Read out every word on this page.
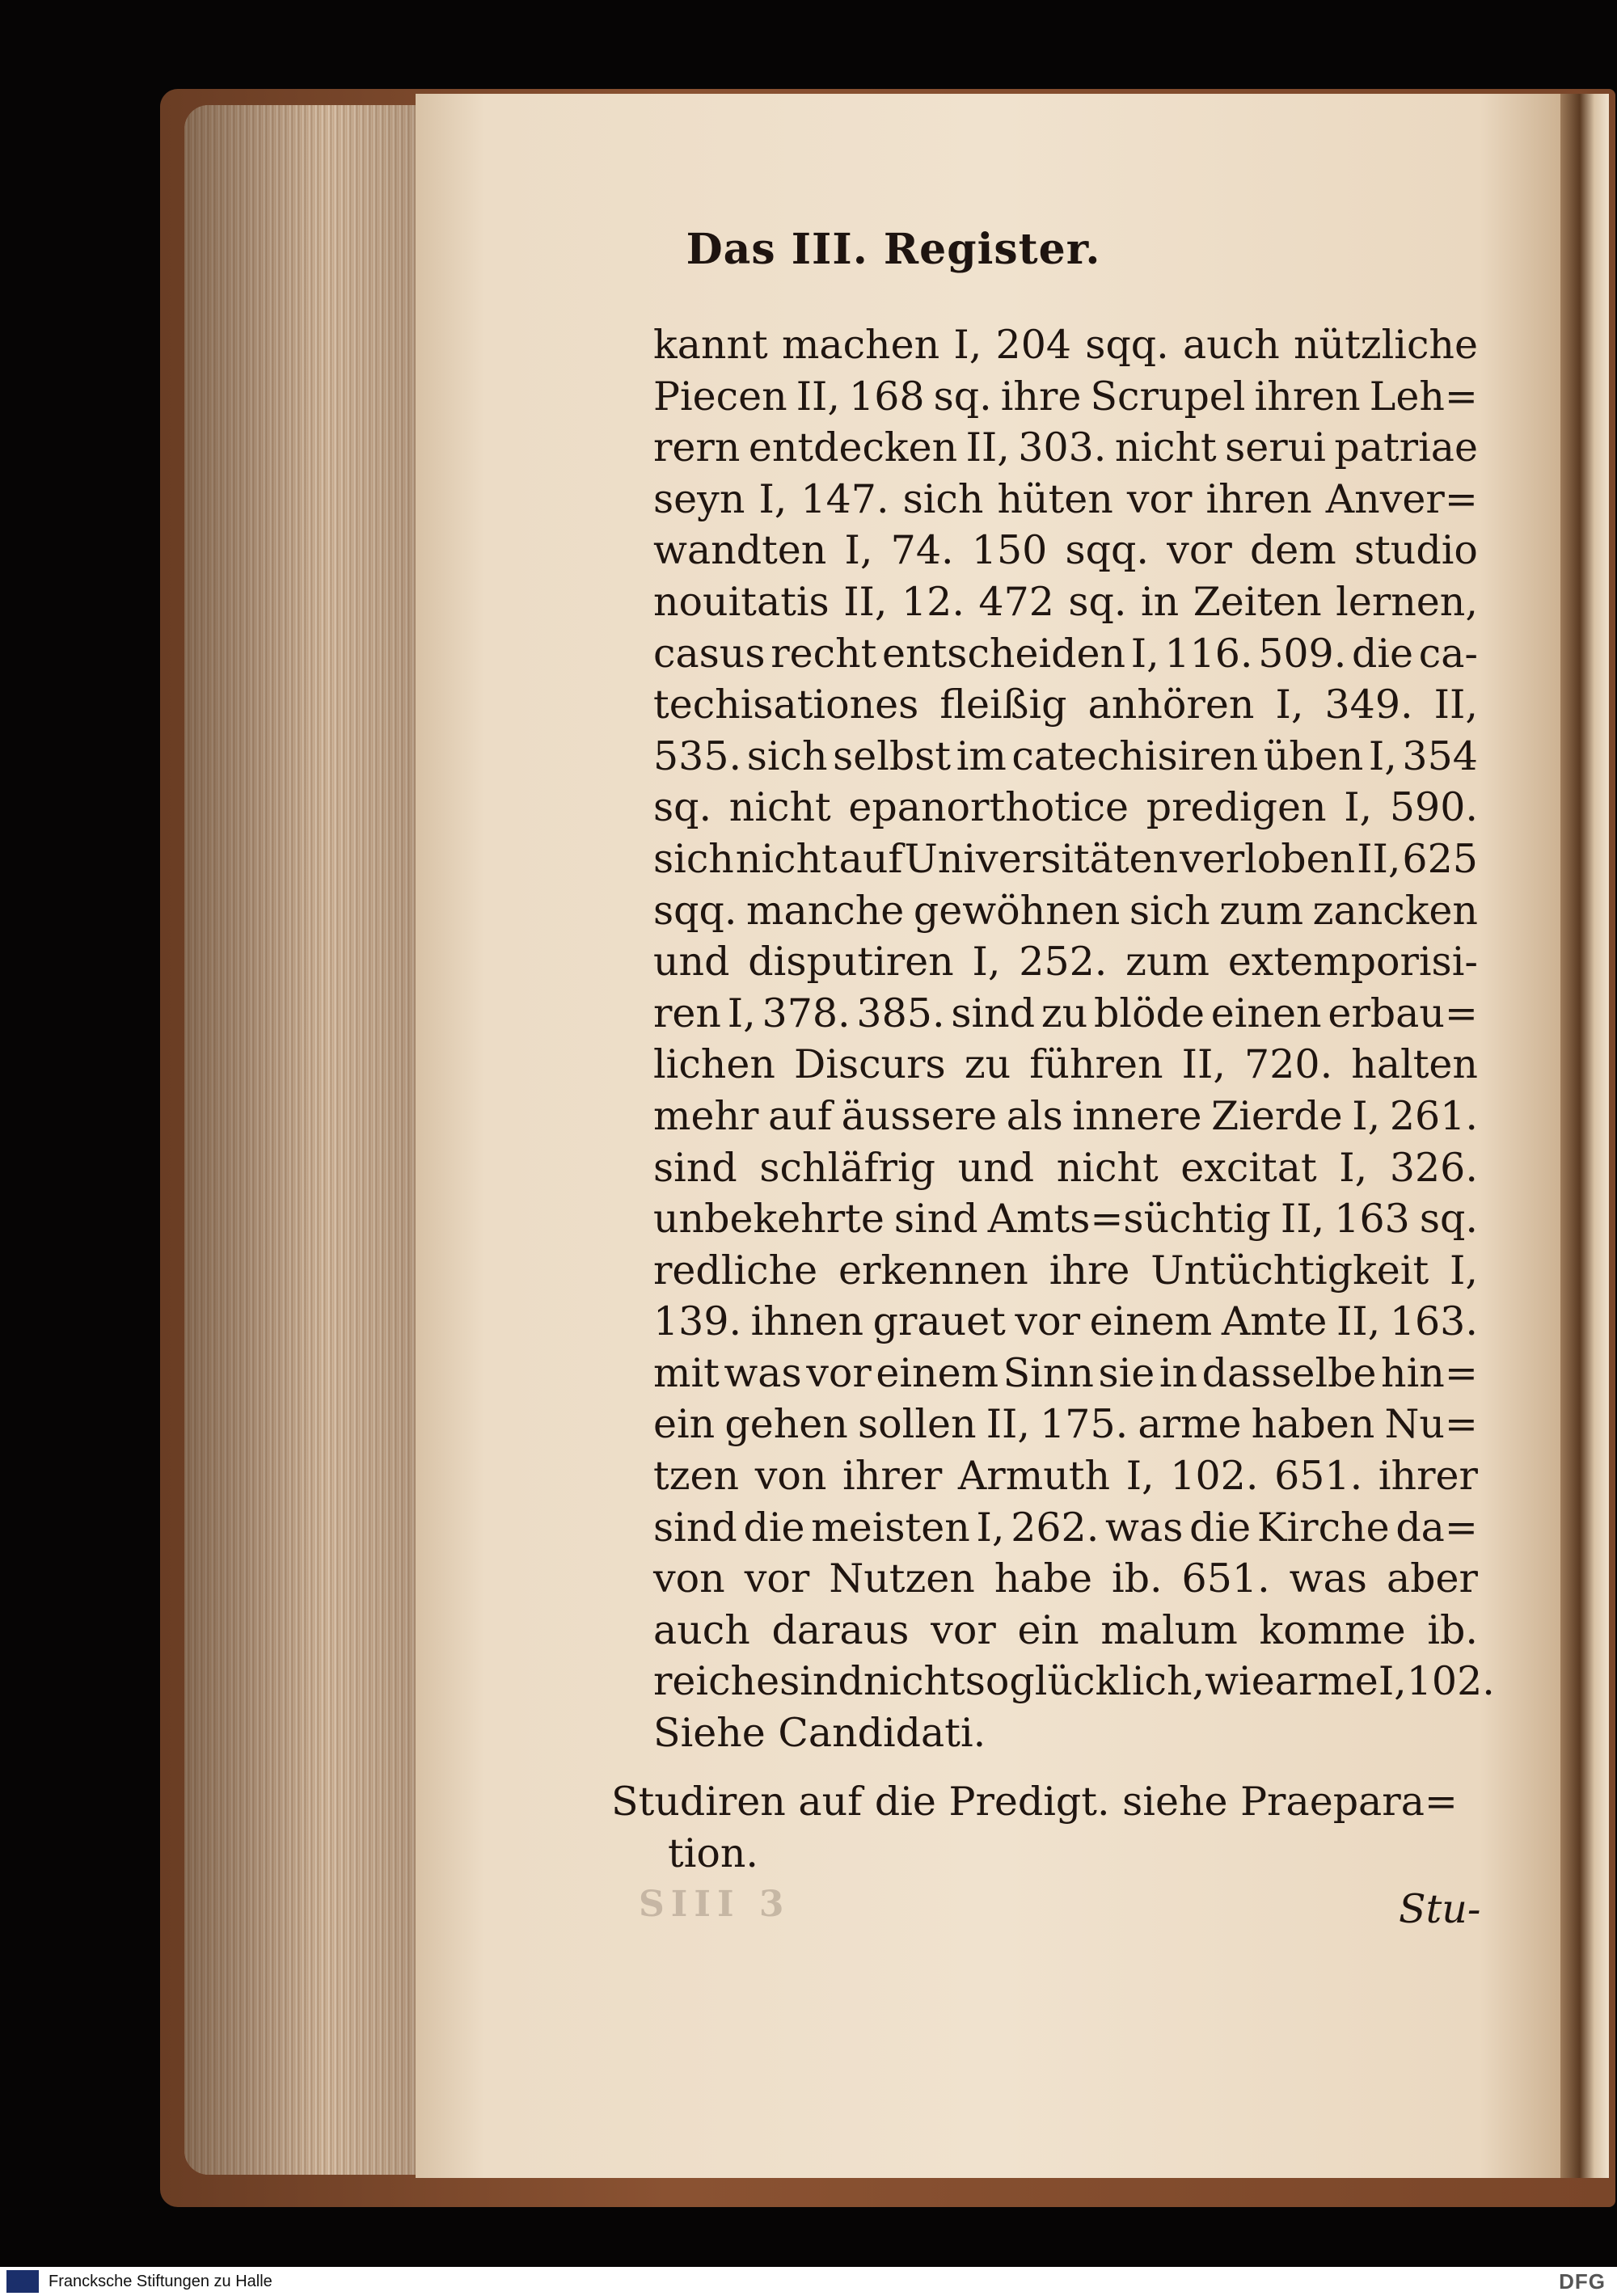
Das III. Register.
kannt machen I, 204 sqq. auch nützliche
Piecen II, 168 sq. ihre Scrupel ihren Leh=
rern entdecken II, 303. nicht serui patriae
seyn I, 147. sich hüten vor ihren Anver=
wandten I, 74. 150 sqq. vor dem studio
nouitatis II, 12. 472 sq. in Zeiten lernen,
casus recht entscheiden I, 116. 509. die ca-
techisationes fleißig anhören I, 349. II,
535. sich selbst im catechisiren üben I, 354
sq. nicht epanorthotice predigen I, 590.
sich nicht auf Universitäten verloben II, 625
sqq. manche gewöhnen sich zum zancken
und disputiren I, 252. zum extemporisi-
ren I, 378. 385. sind zu blöde einen erbau=
lichen Discurs zu führen II, 720. halten
mehr auf äussere als innere Zierde I, 261.
sind schläfrig und nicht excitat I, 326.
unbekehrte sind Amts=süchtig II, 163 sq.
redliche erkennen ihre Untüchtigkeit I,
139. ihnen grauet vor einem Amte II, 163.
mit was vor einem Sinn sie in dasselbe hin=
ein gehen sollen II, 175. arme haben Nu=
tzen von ihrer Armuth I, 102. 651. ihrer
sind die meisten I, 262. was die Kirche da=
von vor Nutzen habe ib. 651. was aber
auch daraus vor ein malum komme ib.
reiche sind nicht so glücklich, wie arme I, 102.
Siehe Candidati.
Studiren auf die Predigt. siehe Praepara=
tion.
SIII 3	Stu-
Francksche Stiftungen zu Halle	DFG
